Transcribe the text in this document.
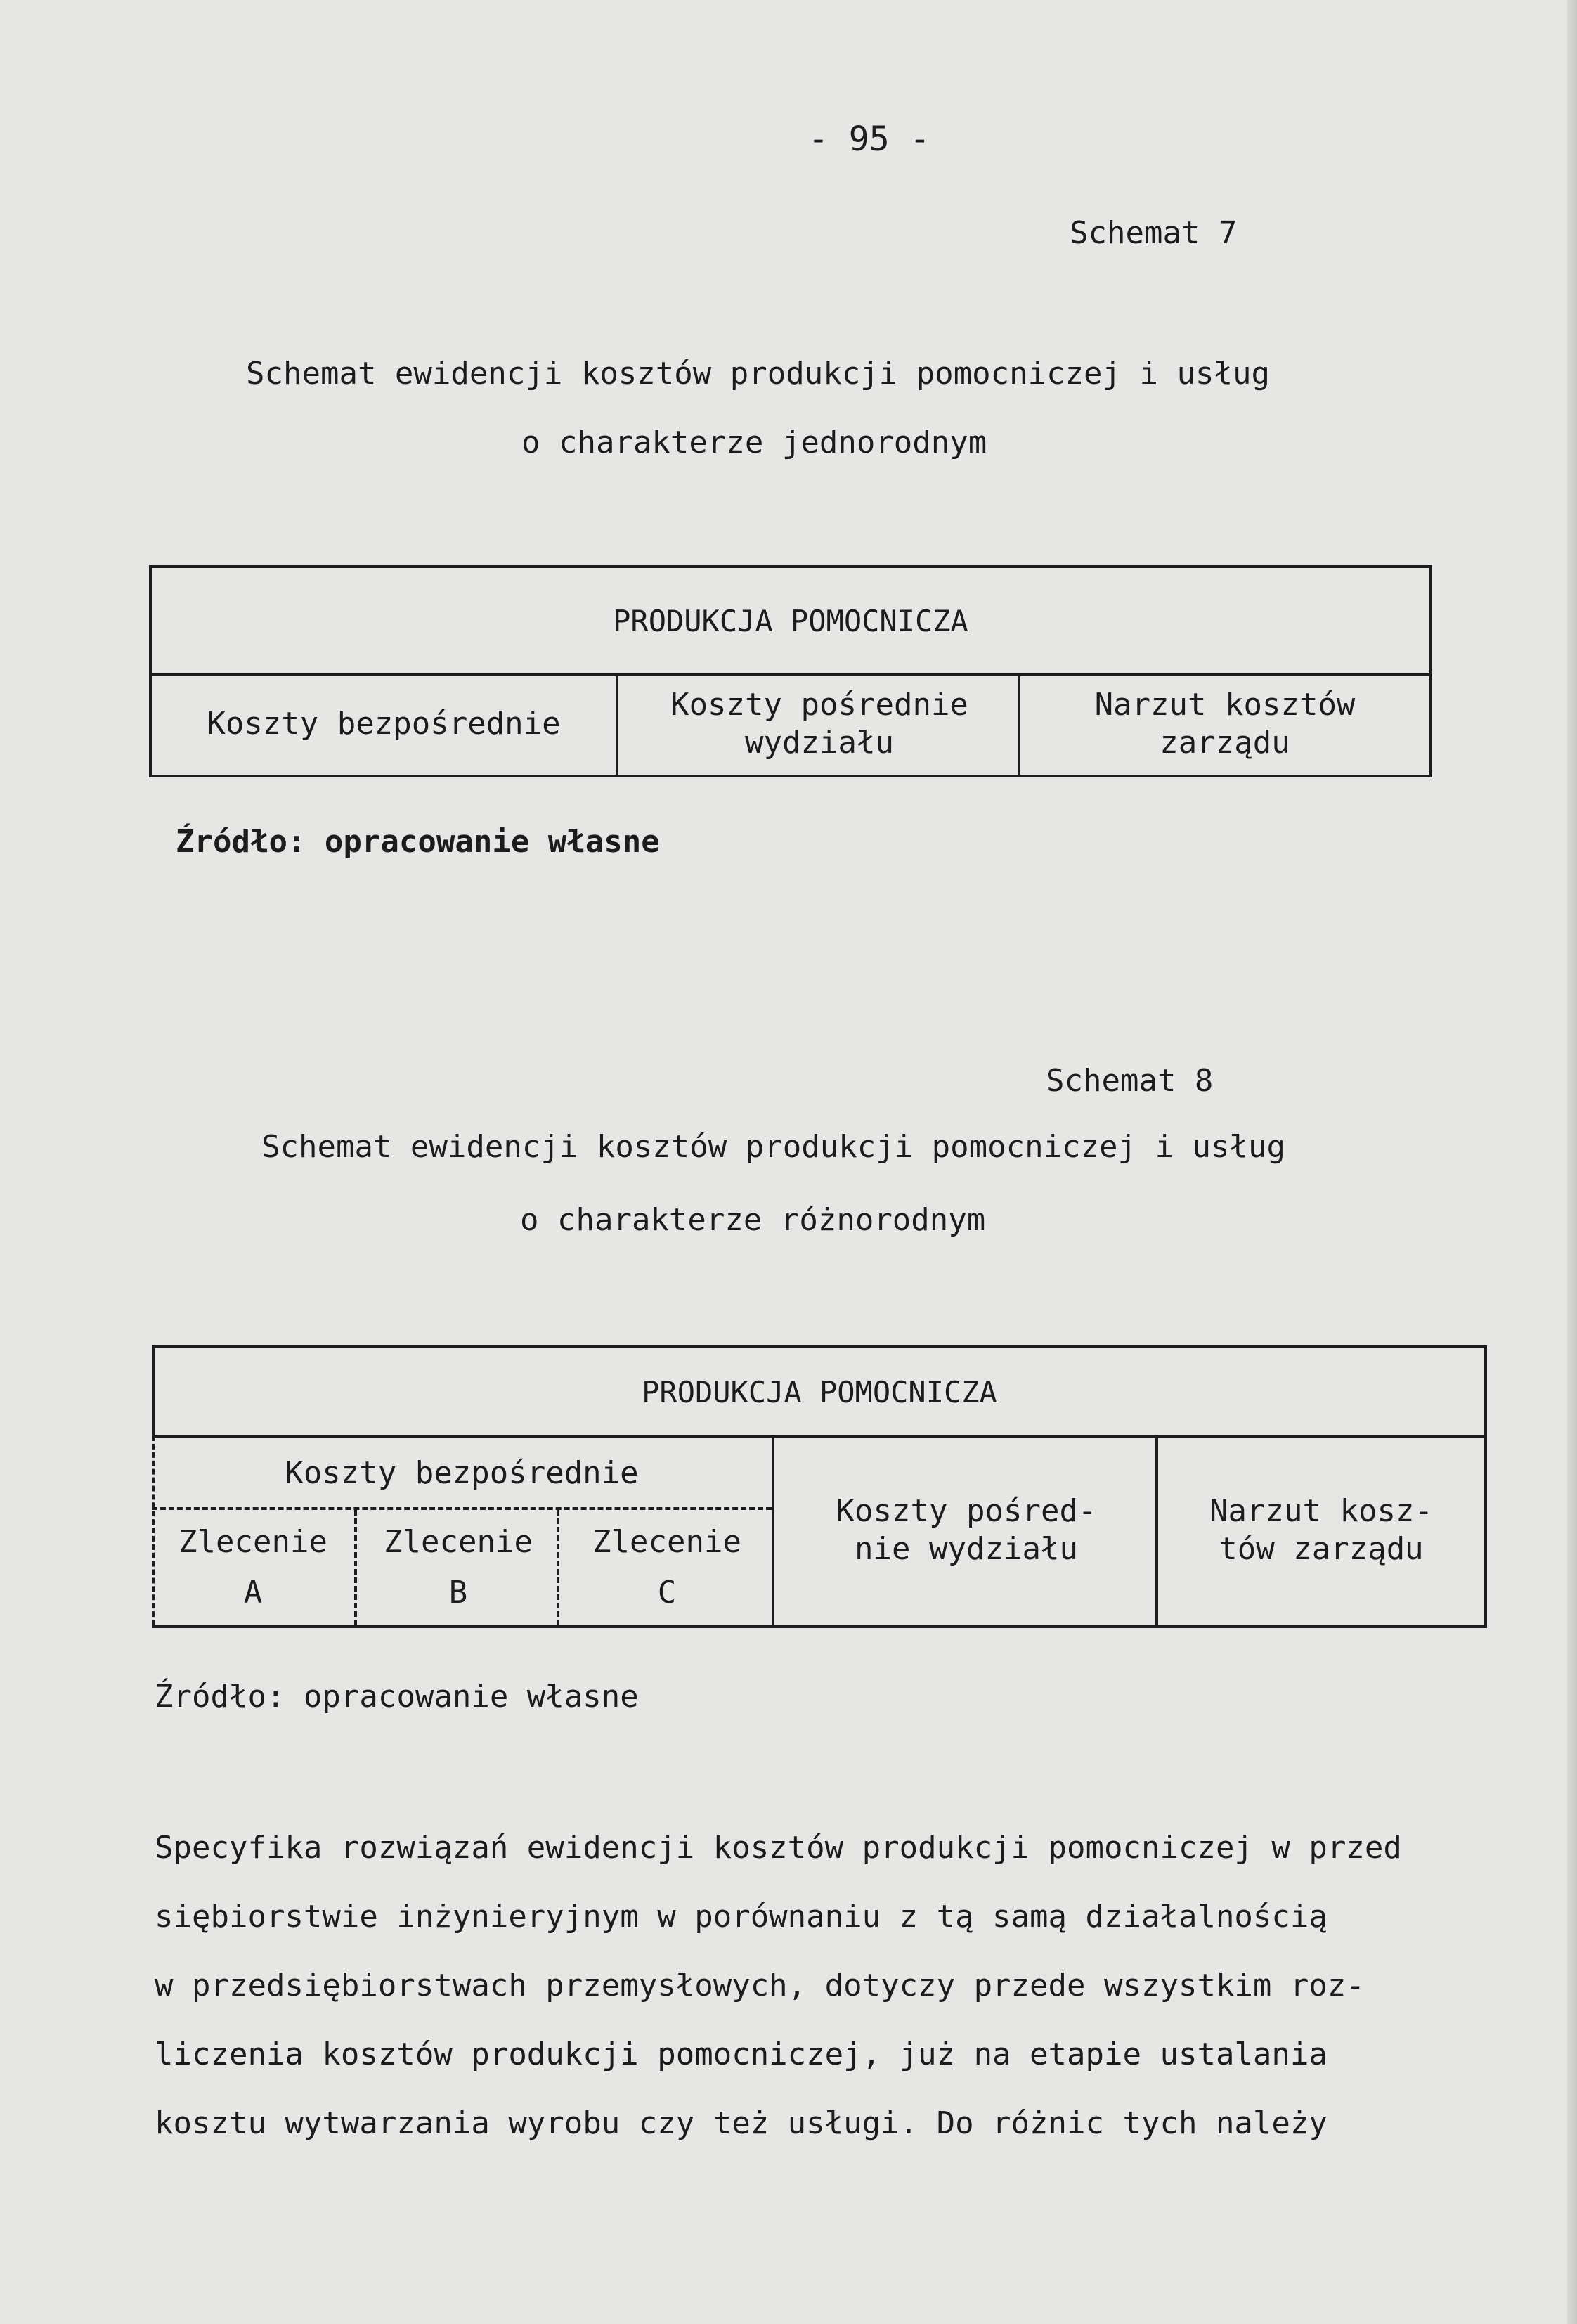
- 95 -
Schemat 7
Schemat ewidencji kosztów produkcji pomocniczej i usług
o charakterze jednorodnym
PRODUKCJA POMOCNICZA
Koszty bezpośrednie
Koszty pośrednie
wydziału
Narzut kosztów
zarządu
Źródło: opracowanie własne
Schemat 8
Schemat ewidencji kosztów produkcji pomocniczej i usług
o charakterze różnorodnym
PRODUKCJA POMOCNICZA
Koszty bezpośrednie
Zlecenie
A
Zlecenie
B
Zlecenie
C
Koszty pośred-
nie wydziału
Narzut kosz-
tów zarządu
Źródło: opracowanie własne
Specyfika rozwiązań ewidencji kosztów produkcji pomocniczej w przed
siębiorstwie inżynieryjnym w porównaniu z tą samą działalnością
w przedsiębiorstwach przemysłowych, dotyczy przede wszystkim roz-
liczenia kosztów produkcji pomocniczej, już na etapie ustalania
kosztu wytwarzania wyrobu czy też usługi. Do różnic tych należy
